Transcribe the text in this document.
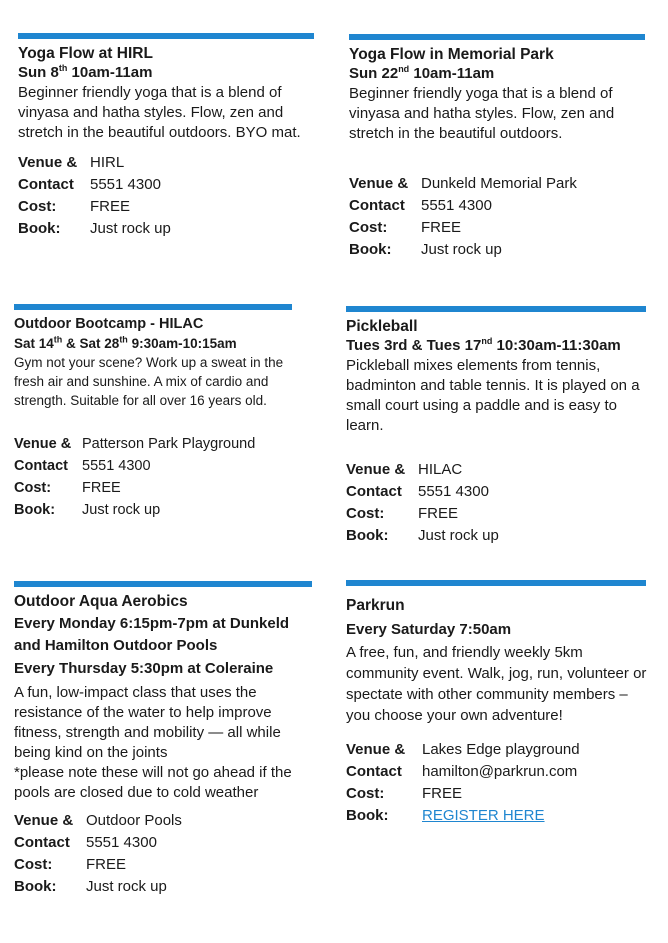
Yoga Flow at HIRL
Sun 8th 10am-11am
Beginner friendly yoga that is a blend of vinyasa and hatha styles. Flow, zen and stretch in the beautiful outdoors. BYO mat.
Venue & HIRL
Contact	5551 4300
Cost:	FREE
Book:	Just rock up
Yoga Flow in Memorial Park
Sun 22nd 10am-11am
Beginner friendly yoga that is a blend of vinyasa and hatha styles. Flow, zen and stretch in the beautiful outdoors.
Venue & Dunkeld Memorial Park
Contact	5551 4300
Cost:	FREE
Book:	Just rock up
Outdoor Bootcamp - HILAC
Sat 14th & Sat 28th 9:30am-10:15am
Gym not your scene? Work up a sweat in the fresh air and sunshine. A mix of cardio and strength. Suitable for all over 16 years old.
Venue & Patterson Park Playground
Contact 5551 4300
Cost:	FREE
Book:	Just rock up
Pickleball
Tues 3rd & Tues 17nd 10:30am-11:30am
Pickleball mixes elements from tennis, badminton and table tennis. It is played on a small court using a paddle and is easy to learn.
Venue & HILAC
Contact	5551 4300
Cost:	FREE
Book:	Just rock up
Outdoor Aqua Aerobics
Every Monday 6:15pm-7pm at Dunkeld and Hamilton Outdoor Pools
Every Thursday 5:30pm at Coleraine
A fun, low-impact class that uses the resistance of the water to help improve fitness, strength and mobility — all while being kind on the joints
*please note these will not go ahead if the pools are closed due to cold weather
Venue & Outdoor Pools
Contact	5551 4300
Cost:	FREE
Book:	Just rock up
Parkrun
Every Saturday 7:50am
A free, fun, and friendly weekly 5km community event. Walk, jog, run, volunteer or spectate with other community members – you choose your own adventure!
Venue &	Lakes Edge playground
Contact	hamilton@parkrun.com
Cost:	FREE
Book:	REGISTER HERE
